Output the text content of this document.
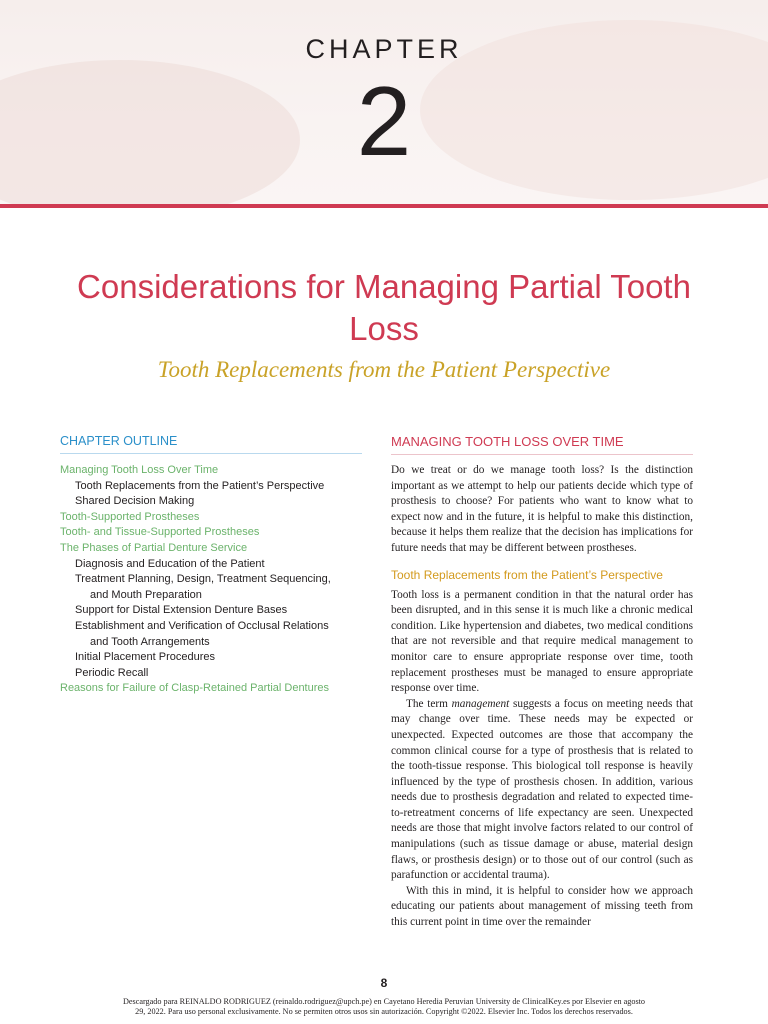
CHAPTER
2
Considerations for Managing Partial Tooth Loss
Tooth Replacements from the Patient Perspective
CHAPTER OUTLINE
Managing Tooth Loss Over Time
Tooth Replacements from the Patient’s Perspective
Shared Decision Making
Tooth-Supported Prostheses
Tooth- and Tissue-Supported Prostheses
The Phases of Partial Denture Service
Diagnosis and Education of the Patient
Treatment Planning, Design, Treatment Sequencing,
and Mouth Preparation
Support for Distal Extension Denture Bases
Establishment and Verification of Occlusal Relations
and Tooth Arrangements
Initial Placement Procedures
Periodic Recall
Reasons for Failure of Clasp-Retained Partial Dentures
MANAGING TOOTH LOSS OVER TIME

Do we treat or do we manage tooth loss? Is the distinction important as we attempt to help our patients decide which type of prosthesis to choose? For patients who want to know what to expect now and in the future, it is helpful to make this distinction, because it helps them realize that the decision has implications for future needs that may be different between prostheses.

Tooth Replacements from the Patient’s Perspective

Tooth loss is a permanent condition in that the natural order has been disrupted, and in this sense it is much like a chronic medical condition. Like hypertension and diabetes, two medical conditions that are not reversible and that require medical management to monitor care to ensure appropriate response over time, tooth replacement prostheses must be managed to ensure appropriate response over time.

The term management suggests a focus on meeting needs that may change over time. These needs may be expected or unexpected. Expected outcomes are those that accompany the common clinical course for a type of prosthesis that is related to the tooth-tissue response. This biological toll response is heavily influenced by the type of prosthesis chosen. In addition, various needs due to prosthesis degradation and related to expected time-to-retreatment concerns of life expectancy are seen. Unexpected needs are those that might involve factors related to our control of manipulations (such as tissue damage or abuse, material design flaws, or prosthesis design) or to those out of our control (such as parafunction or accidental trauma).

With this in mind, it is helpful to consider how we approach educating our patients about management of missing teeth from this current point in time over the remainder

8
Descargado para REINALDO RODRIGUEZ (reinaldo.rodriguez@upch.pe) en Cayetano Heredia Peruvian University de ClinicalKey.es por Elsevier en agosto
29, 2022. Para uso personal exclusivamente. No se permiten otros usos sin autorización. Copyright ©2022. Elsevier Inc. Todos los derechos reservados.
